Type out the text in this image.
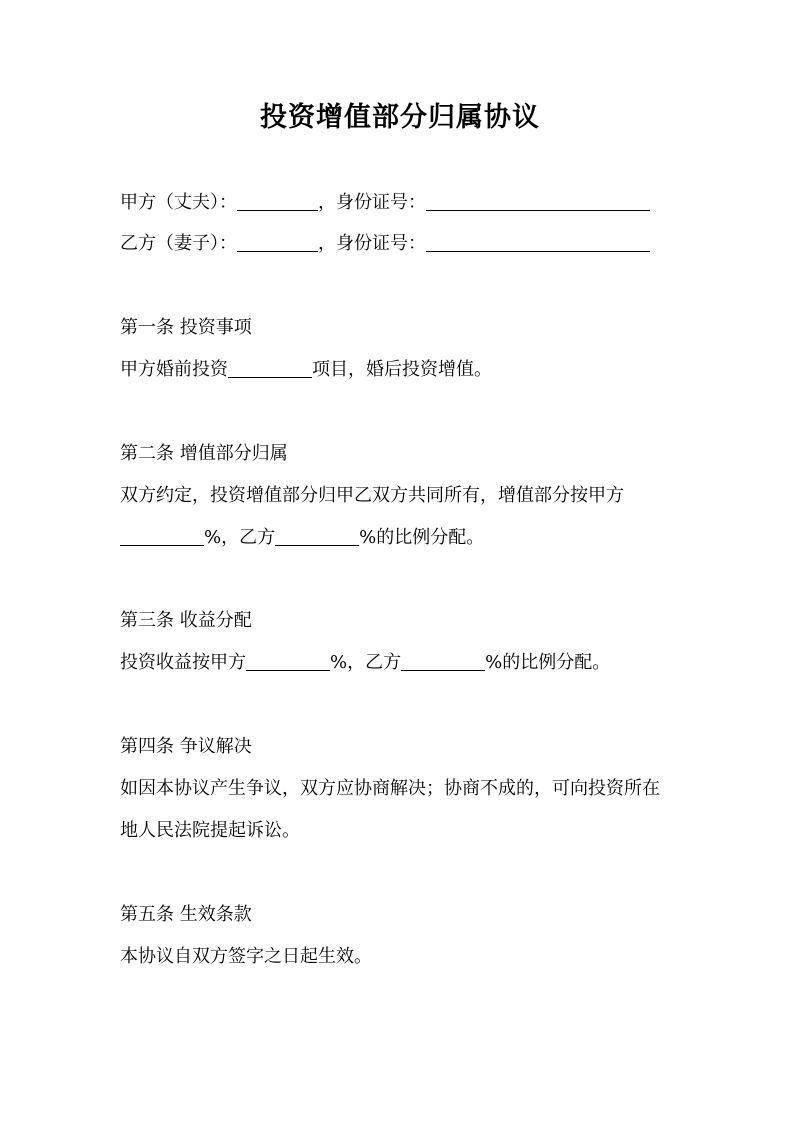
投资增值部分归属协议
甲方（丈夫）：	，身份证号：
乙方（妻子）：	，身份证号：
第一条 投资事项
甲方婚前投资	项目，婚后投资增值。
第二条 增值部分归属
双方约定，投资增值部分归甲乙双方共同所有，增值部分按甲方
%，乙方	%的比例分配。
第三条 收益分配
投资收益按甲方	%，乙方	%的比例分配。
第四条 争议解决
如因本协议产生争议，双方应协商解决；协商不成的，可向投资所在
地人民法院提起诉讼。
第五条 生效条款
本协议自双方签字之日起生效。
